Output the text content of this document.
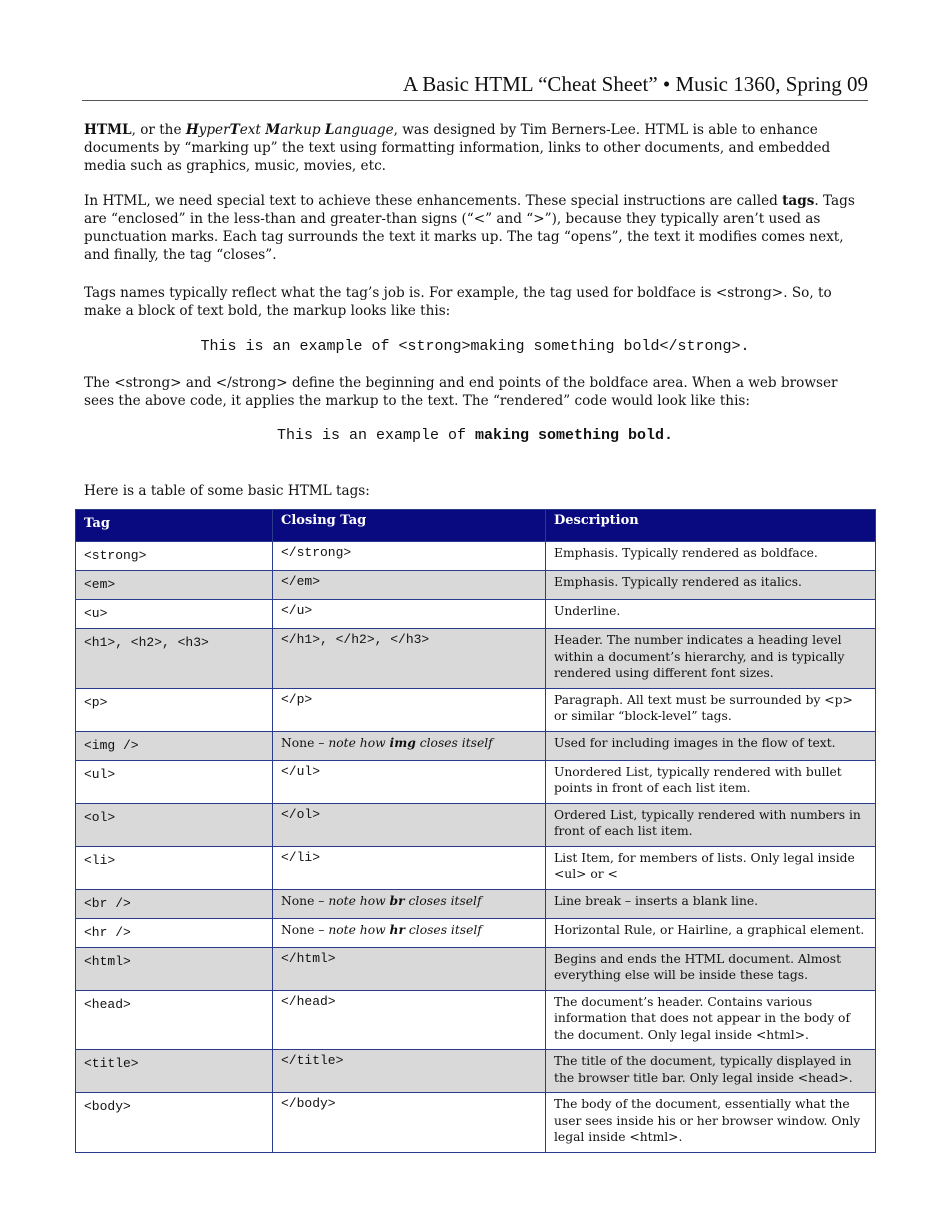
A Basic HTML “Cheat Sheet” • Music 1360, Spring 09

HTML, or the HyperText Markup Language, was designed by Tim Berners-Lee. HTML is able to enhance documents by “marking up” the text using formatting information, links to other documents, and embedded media such as graphics, music, movies, etc.

In HTML, we need special text to achieve these enhancements. These special instructions are called tags. Tags are “enclosed” in the less-than and greater-than signs (“<” and “>”), because they typically aren’t used as punctuation marks. Each tag surrounds the text it marks up. The tag “opens”, the text it modifies comes next, and finally, the tag “closes”.

Tags names typically reflect what the tag’s job is. For example, the tag used for boldface is <strong>. So, to make a block of text bold, the markup looks like this:

This is an example of <strong>making something bold</strong>.

The <strong> and </strong> define the beginning and end points of the boldface area. When a web browser sees the above code, it applies the markup to the text. The “rendered” code would look like this:

This is an example of making something bold.

Here is a table of some basic HTML tags:

Tag	Closing Tag	Description
<strong>	</strong>	Emphasis. Typically rendered as boldface.
<em>	</em>	Emphasis. Typically rendered as italics.
<u>	</u>	Underline.
<h1>, <h2>, <h3>	</h1>, </h2>, </h3>	Header. The number indicates a heading level within a document’s hierarchy, and is typically rendered using different font sizes.
<p>	</p>	Paragraph. All text must be surrounded by <p> or similar “block-level” tags.
<img />	None – note how img closes itself	Used for including images in the flow of text.
<ul>	</ul>	Unordered List, typically rendered with bullet points in front of each list item.
<ol>	</ol>	Ordered List, typically rendered with numbers in front of each list item.
<li>	</li>	List Item, for members of lists. Only legal inside <ul> or <
<br />	None – note how br closes itself	Line break – inserts a blank line.
<hr />	None – note how hr closes itself	Horizontal Rule, or Hairline, a graphical element.
<html>	</html>	Begins and ends the HTML document. Almost everything else will be inside these tags.
<head>	</head>	The document’s header. Contains various information that does not appear in the body of the document. Only legal inside <html>.
<title>	</title>	The title of the document, typically displayed in the browser title bar. Only legal inside <head>.
<body>	</body>	The body of the document, essentially what the user sees inside his or her browser window. Only legal inside <html>.
